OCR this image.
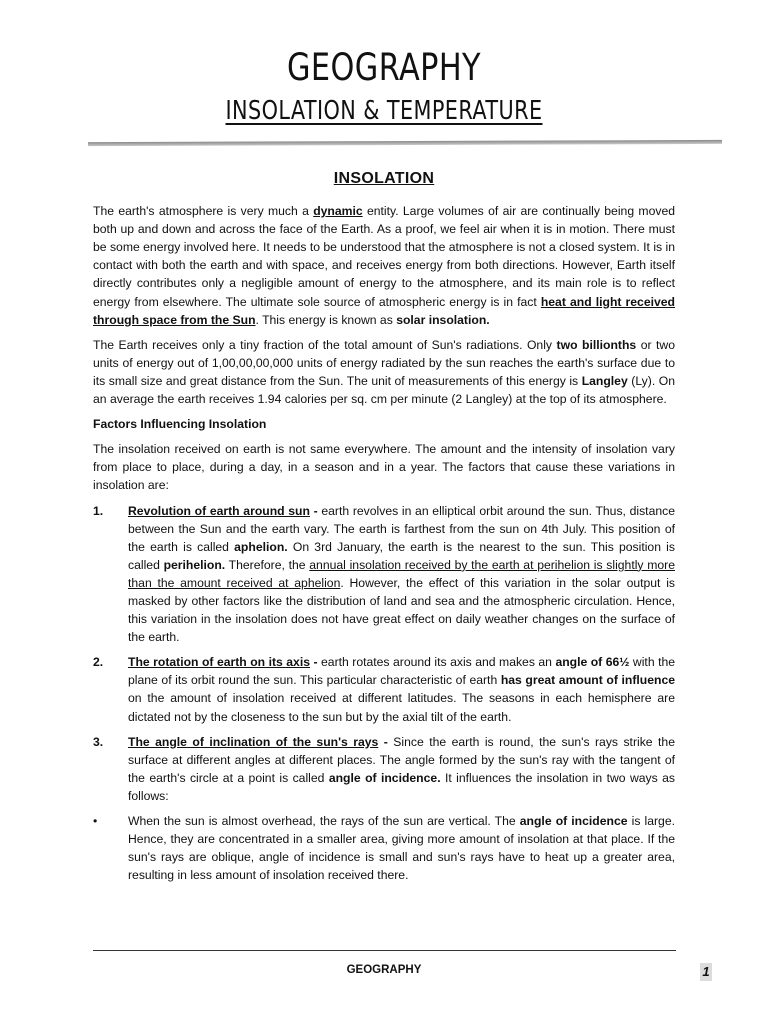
GEOGRAPHY
INSOLATION & TEMPERATURE
INSOLATION

The earth's atmosphere is very much a dynamic entity. Large volumes of air are continually being moved both up and down and across the face of the Earth. As a proof, we feel air when it is in motion. There must be some energy involved here. It needs to be understood that the atmosphere is not a closed system. It is in contact with both the earth and with space, and receives energy from both directions. However, Earth itself directly contributes only a negligible amount of energy to the atmosphere, and its main role is to reflect energy from elsewhere. The ultimate sole source of atmospheric energy is in fact heat and light received through space from the Sun. This energy is known as solar insolation.

The Earth receives only a tiny fraction of the total amount of Sun's radiations. Only two billionths or two units of energy out of 1,00,00,00,000 units of energy radiated by the sun reaches the earth's surface due to its small size and great distance from the Sun. The unit of measurements of this energy is Langley (Ly). On an average the earth receives 1.94 calories per sq. cm per minute (2 Langley) at the top of its atmosphere.

Factors Influencing Insolation

The insolation received on earth is not same everywhere. The amount and the intensity of insolation vary from place to place, during a day, in a season and in a year. The factors that cause these variations in insolation are:

1. Revolution of earth around sun - earth revolves in an elliptical orbit around the sun. Thus, distance between the Sun and the earth vary. The earth is farthest from the sun on 4th July. This position of the earth is called aphelion. On 3rd January, the earth is the nearest to the sun. This position is called perihelion. Therefore, the annual insolation received by the earth at perihelion is slightly more than the amount received at aphelion. However, the effect of this variation in the solar output is masked by other factors like the distribution of land and sea and the atmospheric circulation. Hence, this variation in the insolation does not have great effect on daily weather changes on the surface of the earth.
2. The rotation of earth on its axis - earth rotates around its axis and makes an angle of 66½ with the plane of its orbit round the sun. This particular characteristic of earth has great amount of influence on the amount of insolation received at different latitudes. The seasons in each hemisphere are dictated not by the closeness to the sun but by the axial tilt of the earth.
3. The angle of inclination of the sun's rays - Since the earth is round, the sun's rays strike the surface at different angles at different places. The angle formed by the sun's ray with the tangent of the earth's circle at a point is called angle of incidence. It influences the insolation in two ways as follows:
•	When the sun is almost overhead, the rays of the sun are vertical. The angle of incidence is large. Hence, they are concentrated in a smaller area, giving more amount of insolation at that place. If the sun's rays are oblique, angle of incidence is small and sun's rays have to heat up a greater area, resulting in less amount of insolation received there.
GEOGRAPHY	1
